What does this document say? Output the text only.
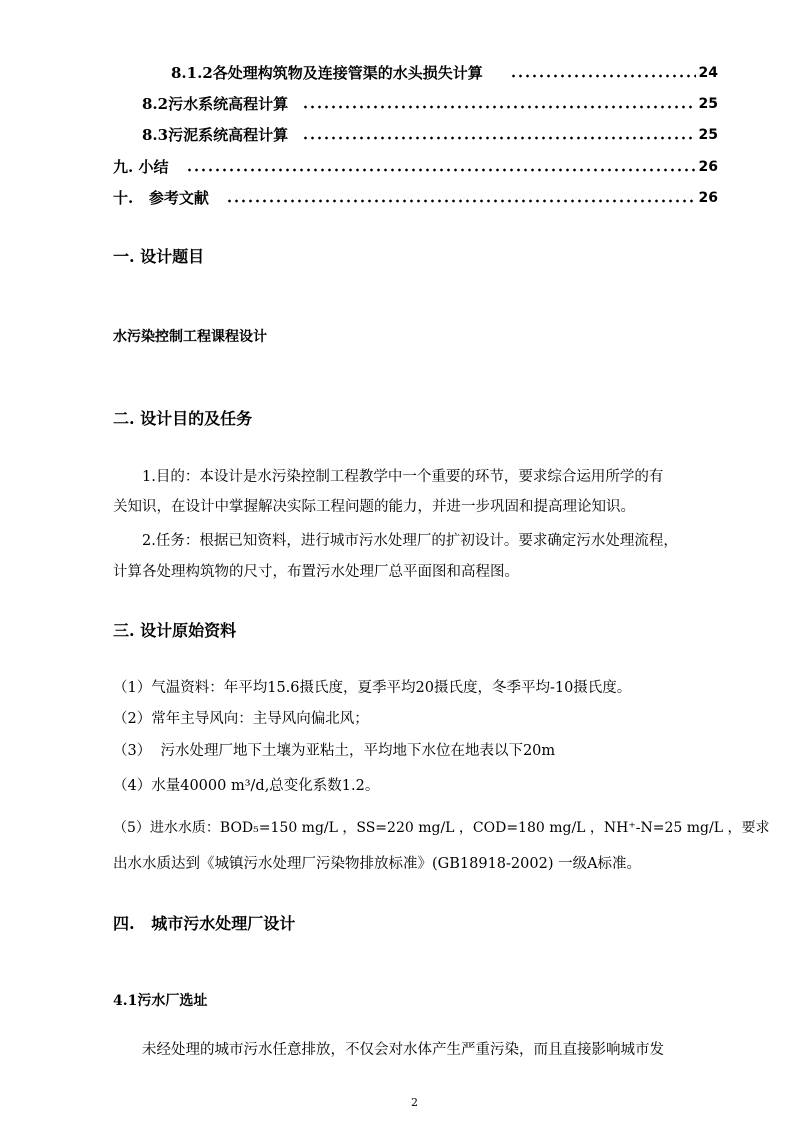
8.1.2各处理构筑物及连接管渠的水头损失计算	24
8.2污水系统高程计算	25
8.3污泥系统高程计算	25
九. 小结	26
十.   参考文献	26
一. 设计题目
水污染控制工程课程设计
二. 设计目的及任务
1.目的：本设计是水污染控制工程教学中一个重要的环节，要求综合运用所学的有
关知识，在设计中掌握解决实际工程问题的能力，并进一步巩固和提高理论知识。
2.任务：根据已知资料，进行城市污水处理厂的扩初设计。要求确定污水处理流程，
计算各处理构筑物的尺寸，布置污水处理厂总平面图和高程图。
三. 设计原始资料
（1）气温资料：年平均15.6摄氏度，夏季平均20摄氏度，冬季平均-10摄氏度。
（2）常年主导风向：主导风向偏北风；
（3）  污水处理厂地下土壤为亚粘土，平均地下水位在地表以下20m
（4）水量40000 m³/d,总变化系数1.2。
（5）进水水质：BOD₅=150 mg/L ，SS=220 mg/L ，COD=180 mg/L ，NH⁺-N=25 mg/L ，要求
出水水质达到《城镇污水处理厂污染物排放标准》(GB18918-2002) 一级A标准。
四.   城市污水处理厂设计
4.1污水厂选址
未经处理的城市污水任意排放，不仅会对水体产生严重污染，而且直接影响城市发
2
